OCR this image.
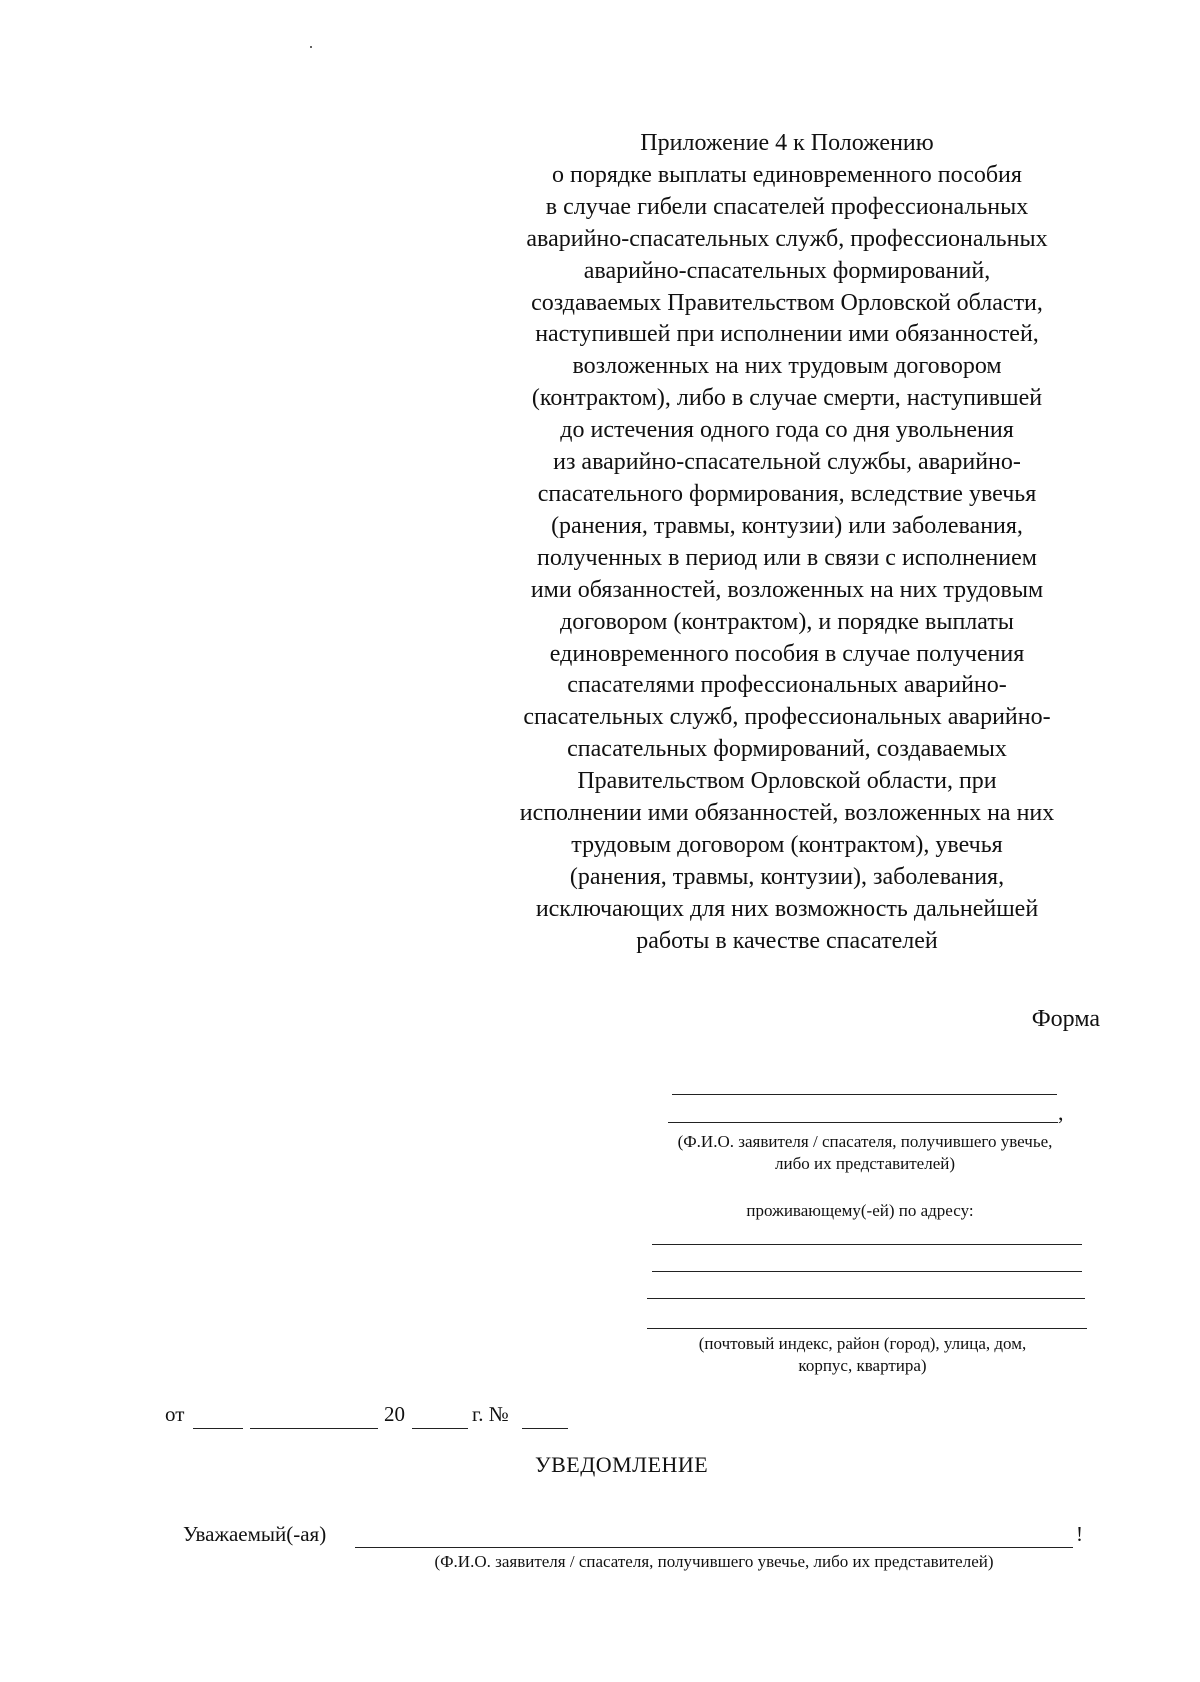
Приложение 4 к Положению
о порядке выплаты единовременного пособия
в случае гибели спасателей профессиональных
аварийно-спасательных служб, профессиональных
аварийно-спасательных формирований,
создаваемых Правительством Орловской области,
наступившей при исполнении ими обязанностей,
возложенных на них трудовым договором
(контрактом), либо в случае смерти, наступившей
до истечения одного года со дня увольнения
из аварийно-спасательной службы, аварийно-
спасательного формирования, вследствие увечья
(ранения, травмы, контузии) или заболевания,
полученных в период или в связи с исполнением
ими обязанностей, возложенных на них трудовым
договором (контрактом), и порядке выплаты
единовременного пособия в случае получения
спасателями профессиональных аварийно-
спасательных служб, профессиональных аварийно-
спасательных формирований, создаваемых
Правительством Орловской области, при
исполнении ими обязанностей, возложенных на них
трудовым договором (контрактом), увечья
(ранения, травмы, контузии), заболевания,
исключающих для них возможность дальнейшей
работы в качестве спасателей
Форма
,
(Ф.И.О. заявителя / спасателя, получившего увечье,
либо их представителей)
проживающему(-ей) по адресу:
(почтовый индекс, район (город), улица, дом,
корпус, квартира)
от	20	г. №
УВЕДОМЛЕНИЕ
Уважаемый(-ая)	!
(Ф.И.О. заявителя / спасателя, получившего увечье, либо их представителей)
